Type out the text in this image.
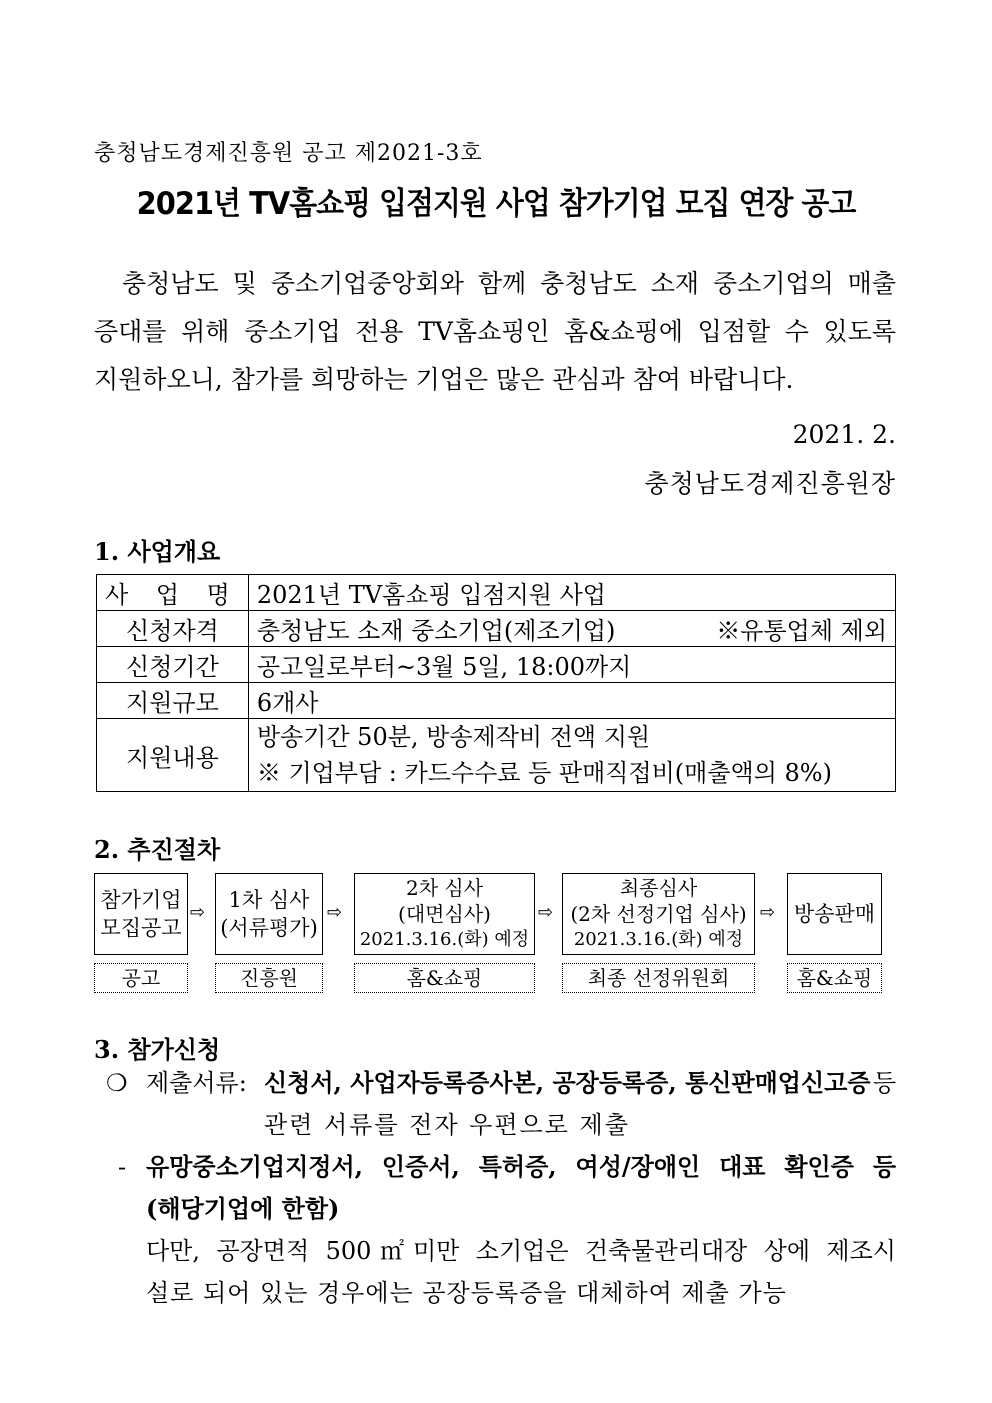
충청남도경제진흥원 공고 제2021-3호
2021년 TV홈쇼핑 입점지원 사업 참가기업 모집 연장 공고
충청남도 및 중소기업중앙회와 함께 충청남도 소재 중소기업의 매출
증대를 위해 중소기업 전용 TV홈쇼핑인 홈&쇼핑에 입점할 수 있도록
지원하오니, 참가를 희망하는 기업은 많은 관심과 참여 바랍니다.
2021. 2.
충청남도경제진흥원장
1. 사업개요
사 업 명	2021년 TV홈쇼핑 입점지원 사업
신청자격	충청남도 소재 중소기업(제조기업) ※유통업체 제외

신청기간	공고일로부터~3월 5일, 18:00까지
지원규모	6개사
지원내용	방송기간 50분, 방송제작비 전액 지원
※ 기업부담 : 카드수수료 등 판매직접비(매출액의 8%)
2. 추진절차
참가기업
모집공고
⇨
1차 심사
(서류평가)
⇨
2차 심사
(대면심사)
2021.3.16.(화) 예정
⇨
최종심사
(2차 선정기업 심사)
2021.3.16.(화) 예정
⇨ 방송판매
공고	진흥원	홈&쇼핑	최종 선정위원회	홈&쇼핑
3. 참가신청
❍ 제출서류: 신청서, 사업자등록증사본, 공장등록증, 통신판매업신고증 등
관련 서류를 전자 우편으로 제출
- 유망중소기업지정서, 인증서, 특허증, 여성/장애인 대표 확인증 등
(해당기업에 한함)
다만, 공장면적 500㎡미만 소기업은 건축물관리대장 상에 제조시
설로 되어 있는 경우에는 공장등록증을 대체하여 제출 가능
